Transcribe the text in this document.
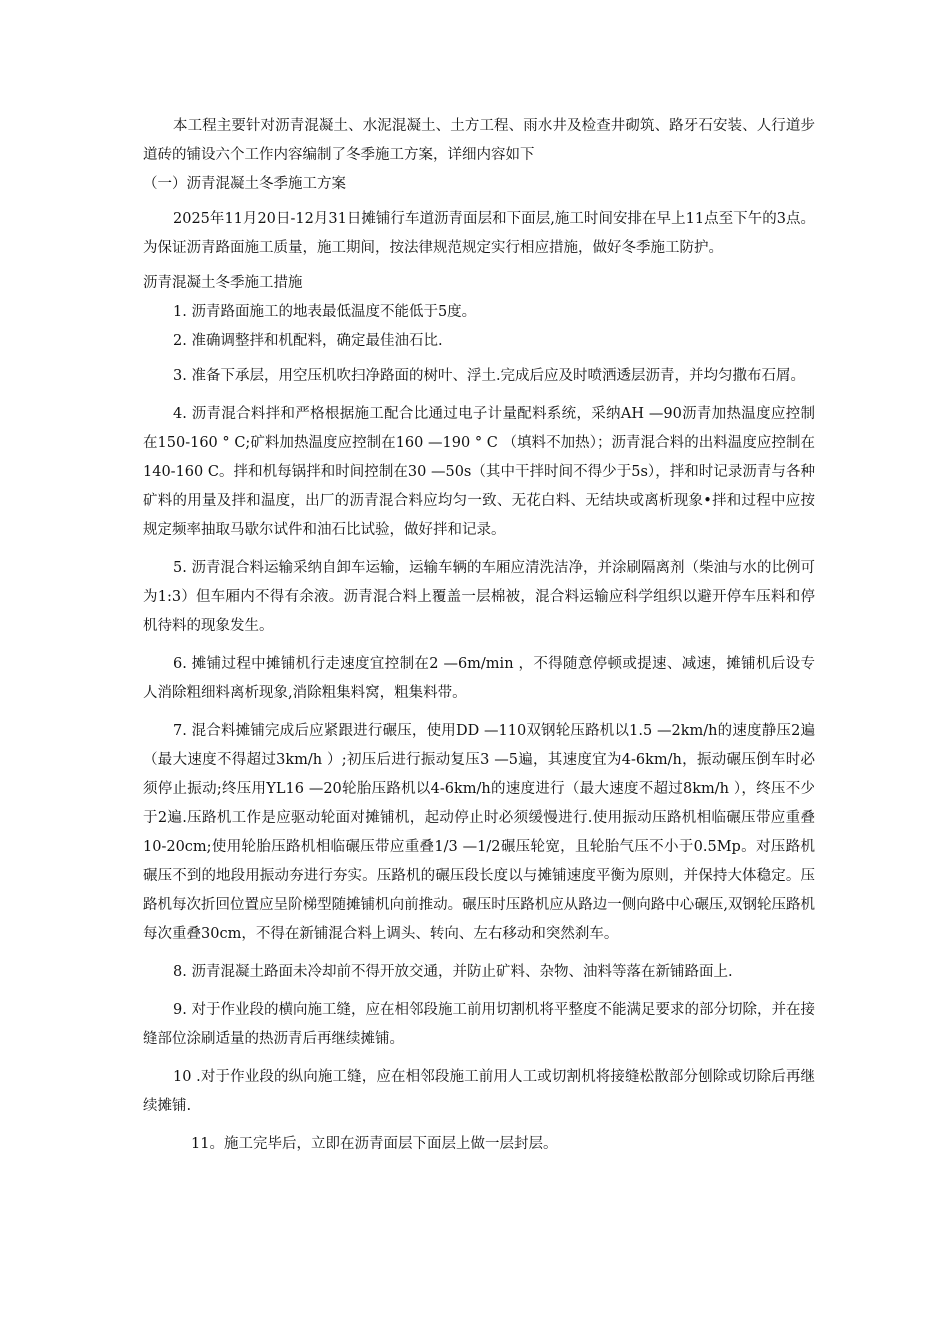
本工程主要针对沥青混凝土、水泥混凝土、土方工程、雨水井及检查井砌筑、路牙石安装、人行道步道砖的铺设六个工作内容编制了冬季施工方案，详细内容如下

（一）沥青混凝土冬季施工方案

2025年11月20日-12月31日摊铺行车道沥青面层和下面层,施工时间安排在早上11点至下午的3点。为保证沥青路面施工质量，施工期间，按法律规范规定实行相应措施，做好冬季施工防护。

沥青混凝土冬季施工措施

1. 沥青路面施工的地表最低温度不能低于5度。

2. 准确调整拌和机配料，确定最佳油石比.

3. 准备下承层，用空压机吹扫净路面的树叶、浮土.完成后应及时喷洒透层沥青，并均匀撒布石屑。

4. 沥青混合料拌和严格根据施工配合比通过电子计量配料系统，采纳AH —90沥青加热温度应控制在150-160 ° C;矿料加热温度应控制在160 —190 ° C （填料不加热）；沥青混合料的出料温度应控制在140-160 C。拌和机每锅拌和时间控制在30 —50s（其中干拌时间不得少于5s），拌和时记录沥青与各种矿料的用量及拌和温度，出厂的沥青混合料应均匀一致、无花白料、无结块或离析现象•拌和过程中应按规定频率抽取马歇尔试件和油石比试验，做好拌和记录。

5. 沥青混合料运输采纳自卸车运输，运输车辆的车厢应清洗洁净，并涂刷隔离剂（柴油与水的比例可为1:3）但车厢内不得有余液。沥青混合料上覆盖一层棉被，混合料运输应科学组织以避开停车压料和停机待料的现象发生。

6. 摊铺过程中摊铺机行走速度宜控制在2 —6m/min ，不得随意停顿或提速、减速，摊铺机后设专人消除粗细料离析现象,消除粗集料窝，粗集料带。

7. 混合料摊铺完成后应紧跟进行碾压，使用DD —110双钢轮压路机以1.5 —2km/h的速度静压2遍（最大速度不得超过3km/h ）;初压后进行振动复压3 —5遍，其速度宜为4-6km/h，振动碾压倒车时必须停止振动;终压用YL16 —20轮胎压路机以4-6km/h的速度进行（最大速度不超过8km/h ），终压不少于2遍.压路机工作是应驱动轮面对摊铺机，起动停止时必须缓慢进行.使用振动压路机相临碾压带应重叠10-20cm;使用轮胎压路机相临碾压带应重叠1/3 —1/2碾压轮宽，且轮胎气压不小于0.5Mp。对压路机碾压不到的地段用振动夯进行夯实。压路机的碾压段长度以与摊铺速度平衡为原则，并保持大体稳定。压路机每次折回位置应呈阶梯型随摊铺机向前推动。碾压时压路机应从路边一侧向路中心碾压,双钢轮压路机每次重叠30cm，不得在新铺混合料上调头、转向、左右移动和突然刹车。

8. 沥青混凝土路面未冷却前不得开放交通，并防止矿料、杂物、油料等落在新铺路面上.

9. 对于作业段的横向施工缝，应在相邻段施工前用切割机将平整度不能满足要求的部分切除，并在接缝部位涂刷适量的热沥青后再继续摊铺。

10 .对于作业段的纵向施工缝，应在相邻段施工前用人工或切割机将接缝松散部分刨除或切除后再继续摊铺.

11。施工完毕后，立即在沥青面层下面层上做一层封层。
